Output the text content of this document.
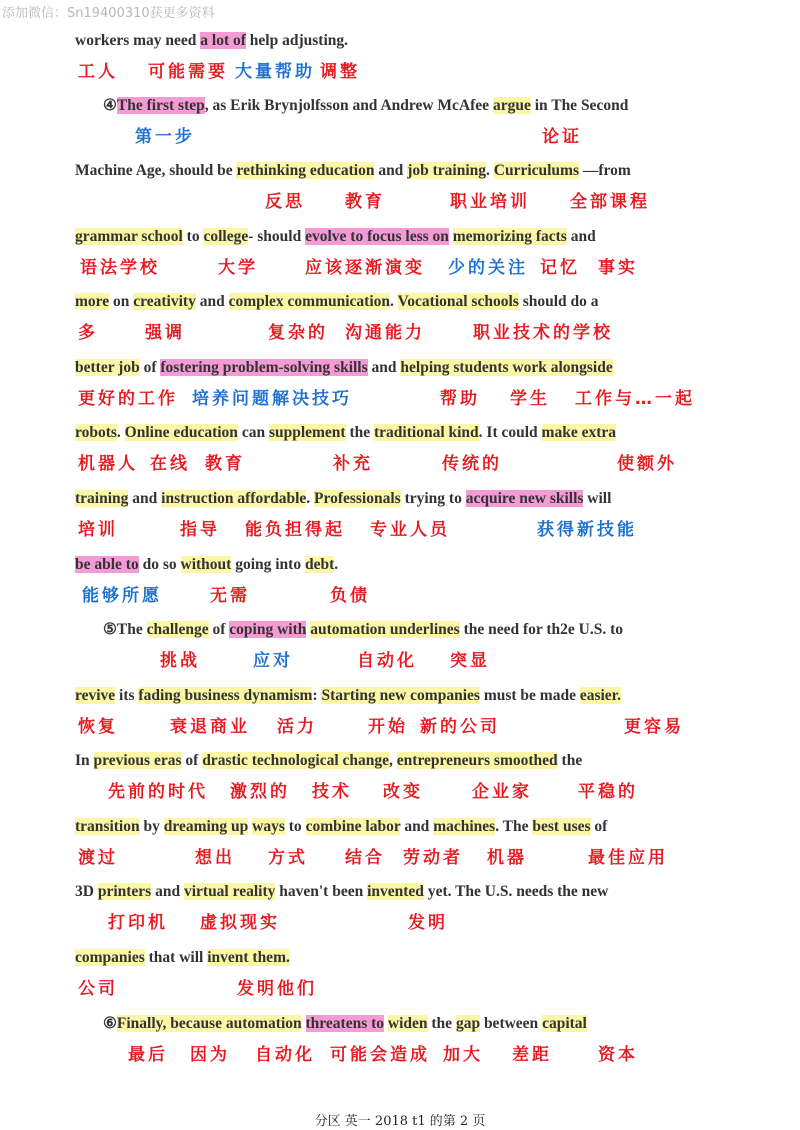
添加微信：Sn19400310获更多资料
workers may need a lot of help adjusting.
④The first step, as Erik Brynjolfsson and Andrew McAfee argue in The Second
Machine Age, should be rethinking education and job training. Curriculums —from
grammar school to college- should evolve to focus less on memorizing facts and
more on creativity and complex communication. Vocational schools should do a
better job of fostering problem-solving skills and helping students work alongside
robots. Online education can supplement the traditional kind. It could make extra
training and instruction affordable. Professionals trying to acquire new skills will
be able to do so without going into debt.
⑤The challenge of coping with automation underlines the need for th2e U.S. to
revive its fading business dynamism: Starting new companies must be made easier.
In previous eras of drastic technological change, entrepreneurs smoothed the
transition by dreaming up ways to combine labor and machines. The best uses of
3D printers and virtual reality haven't been invented yet. The U.S. needs the new
companies that will invent them.
⑥Finally, because automation threatens to widen the gap between capital
工人 可能需要 大量帮助 调整
第一步	论证
反思 教育	职业培训 全部课程
语法学校	大学	应该逐渐演变 少的关注 记忆 事实
多	强调	复杂的 沟通能力	职业技术的学校
更好的工作 培养问题解决技巧	帮助 学生 工作与…一起
机器人 在线 教育	补充	传统的	使额外
培训	指导 能负担得起 专业人员	获得新技能
能够所愿	无需	负债
挑战	应对	自动化 突显
恢复	衰退商业 活力	开始 新的公司	更容易
先前的时代 激烈的 技术 改变	企业家	平稳的
渡过	想出 方式 结合 劳动者 机器	最佳应用
打印机 虚拟现实	发明
公司	发明他们
最后 因为 自动化 可能会造成 加大 差距	资本
分区 英一 2018 t1 的第 2 页
